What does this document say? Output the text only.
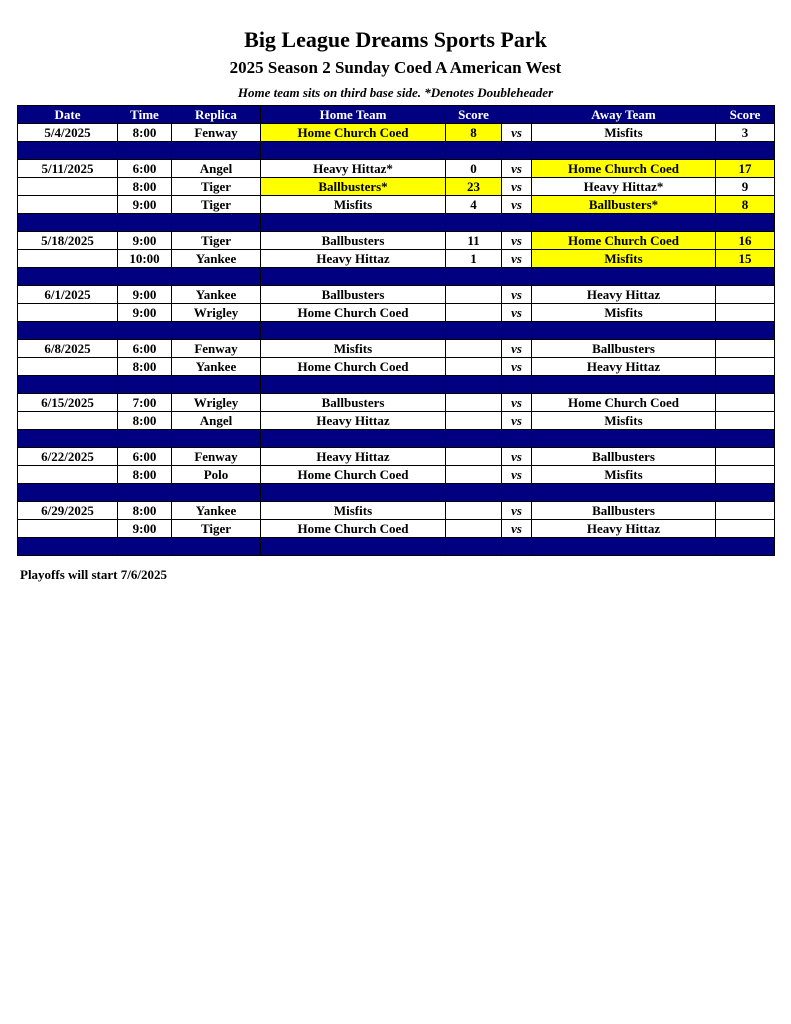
Big League Dreams Sports Park
2025 Season 2 Sunday Coed A American West
Home team sits on third base side. *Denotes Doubleheader
Date	Time	Replica	Home Team	Score		Away Team	Score
5/4/2025	8:00	Fenway	Home Church Coed	8	vs	Misfits	3

5/11/2025	6:00	Angel	Heavy Hittaz*	0	vs	Home Church Coed	17
	8:00	Tiger	Ballbusters*	23	vs	Heavy Hittaz*	9
	9:00	Tiger	Misfits	4	vs	Ballbusters*	8

5/18/2025	9:00	Tiger	Ballbusters	11	vs	Home Church Coed	16
	10:00	Yankee	Heavy Hittaz	1	vs	Misfits	15

6/1/2025	9:00	Yankee	Ballbusters		vs	Heavy Hittaz	
	9:00	Wrigley	Home Church Coed		vs	Misfits	

6/8/2025	6:00	Fenway	Misfits		vs	Ballbusters	
	8:00	Yankee	Home Church Coed		vs	Heavy Hittaz	

6/15/2025	7:00	Wrigley	Ballbusters		vs	Home Church Coed	
	8:00	Angel	Heavy Hittaz		vs	Misfits	

6/22/2025	6:00	Fenway	Heavy Hittaz		vs	Ballbusters	
	8:00	Polo	Home Church Coed		vs	Misfits	

6/29/2025	8:00	Yankee	Misfits		vs	Ballbusters	
	9:00	Tiger	Home Church Coed		vs	Heavy Hittaz	

Playoffs will start 7/6/2025
